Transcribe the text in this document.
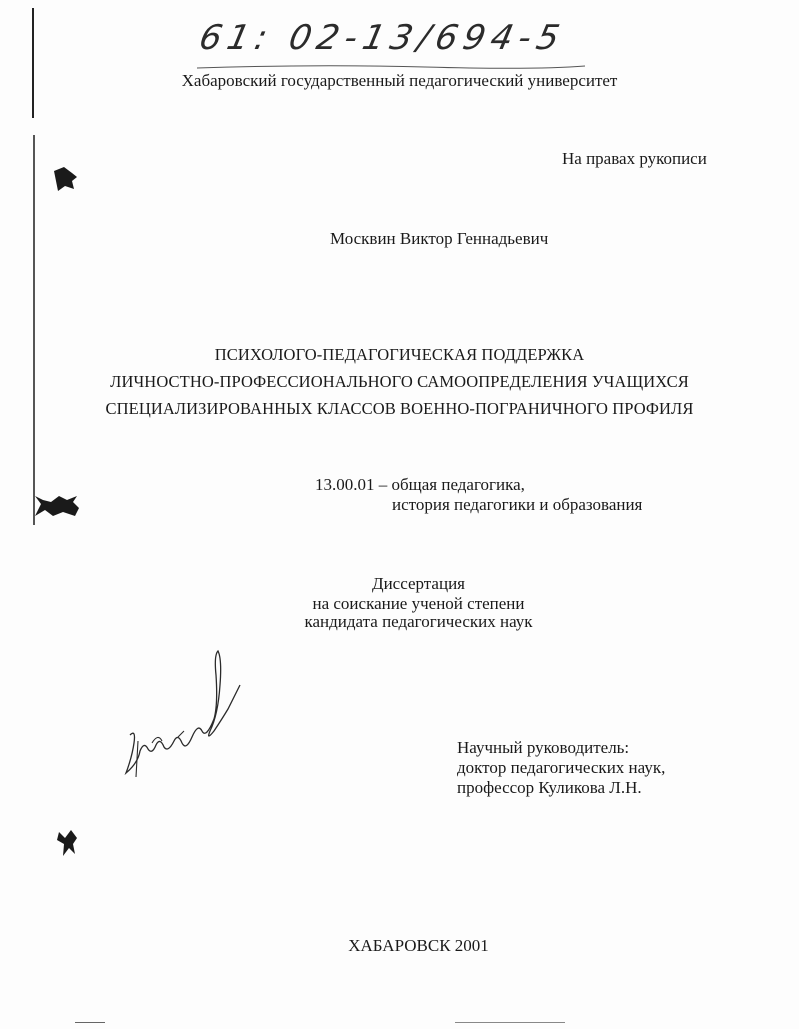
61: 02-13/694-5
Хабаровский государственный педагогический университет
На правах рукописи
Москвин Виктор Геннадьевич
ПСИХОЛОГО-ПЕДАГОГИЧЕСКАЯ ПОДДЕРЖКА
ЛИЧНОСТНО-ПРОФЕССИОНАЛЬНОГО САМООПРЕДЕЛЕНИЯ УЧАЩИХСЯ
СПЕЦИАЛИЗИРОВАННЫХ КЛАССОВ ВОЕННО-ПОГРАНИЧНОГО ПРОФИЛЯ
13.00.01 – общая педагогика,
история педагогики и образования
Диссертация
на соискание ученой степени
кандидата педагогических наук
Научный руководитель:
доктор педагогических наук,
профессор Куликова Л.Н.
ХАБАРОВСК 2001
